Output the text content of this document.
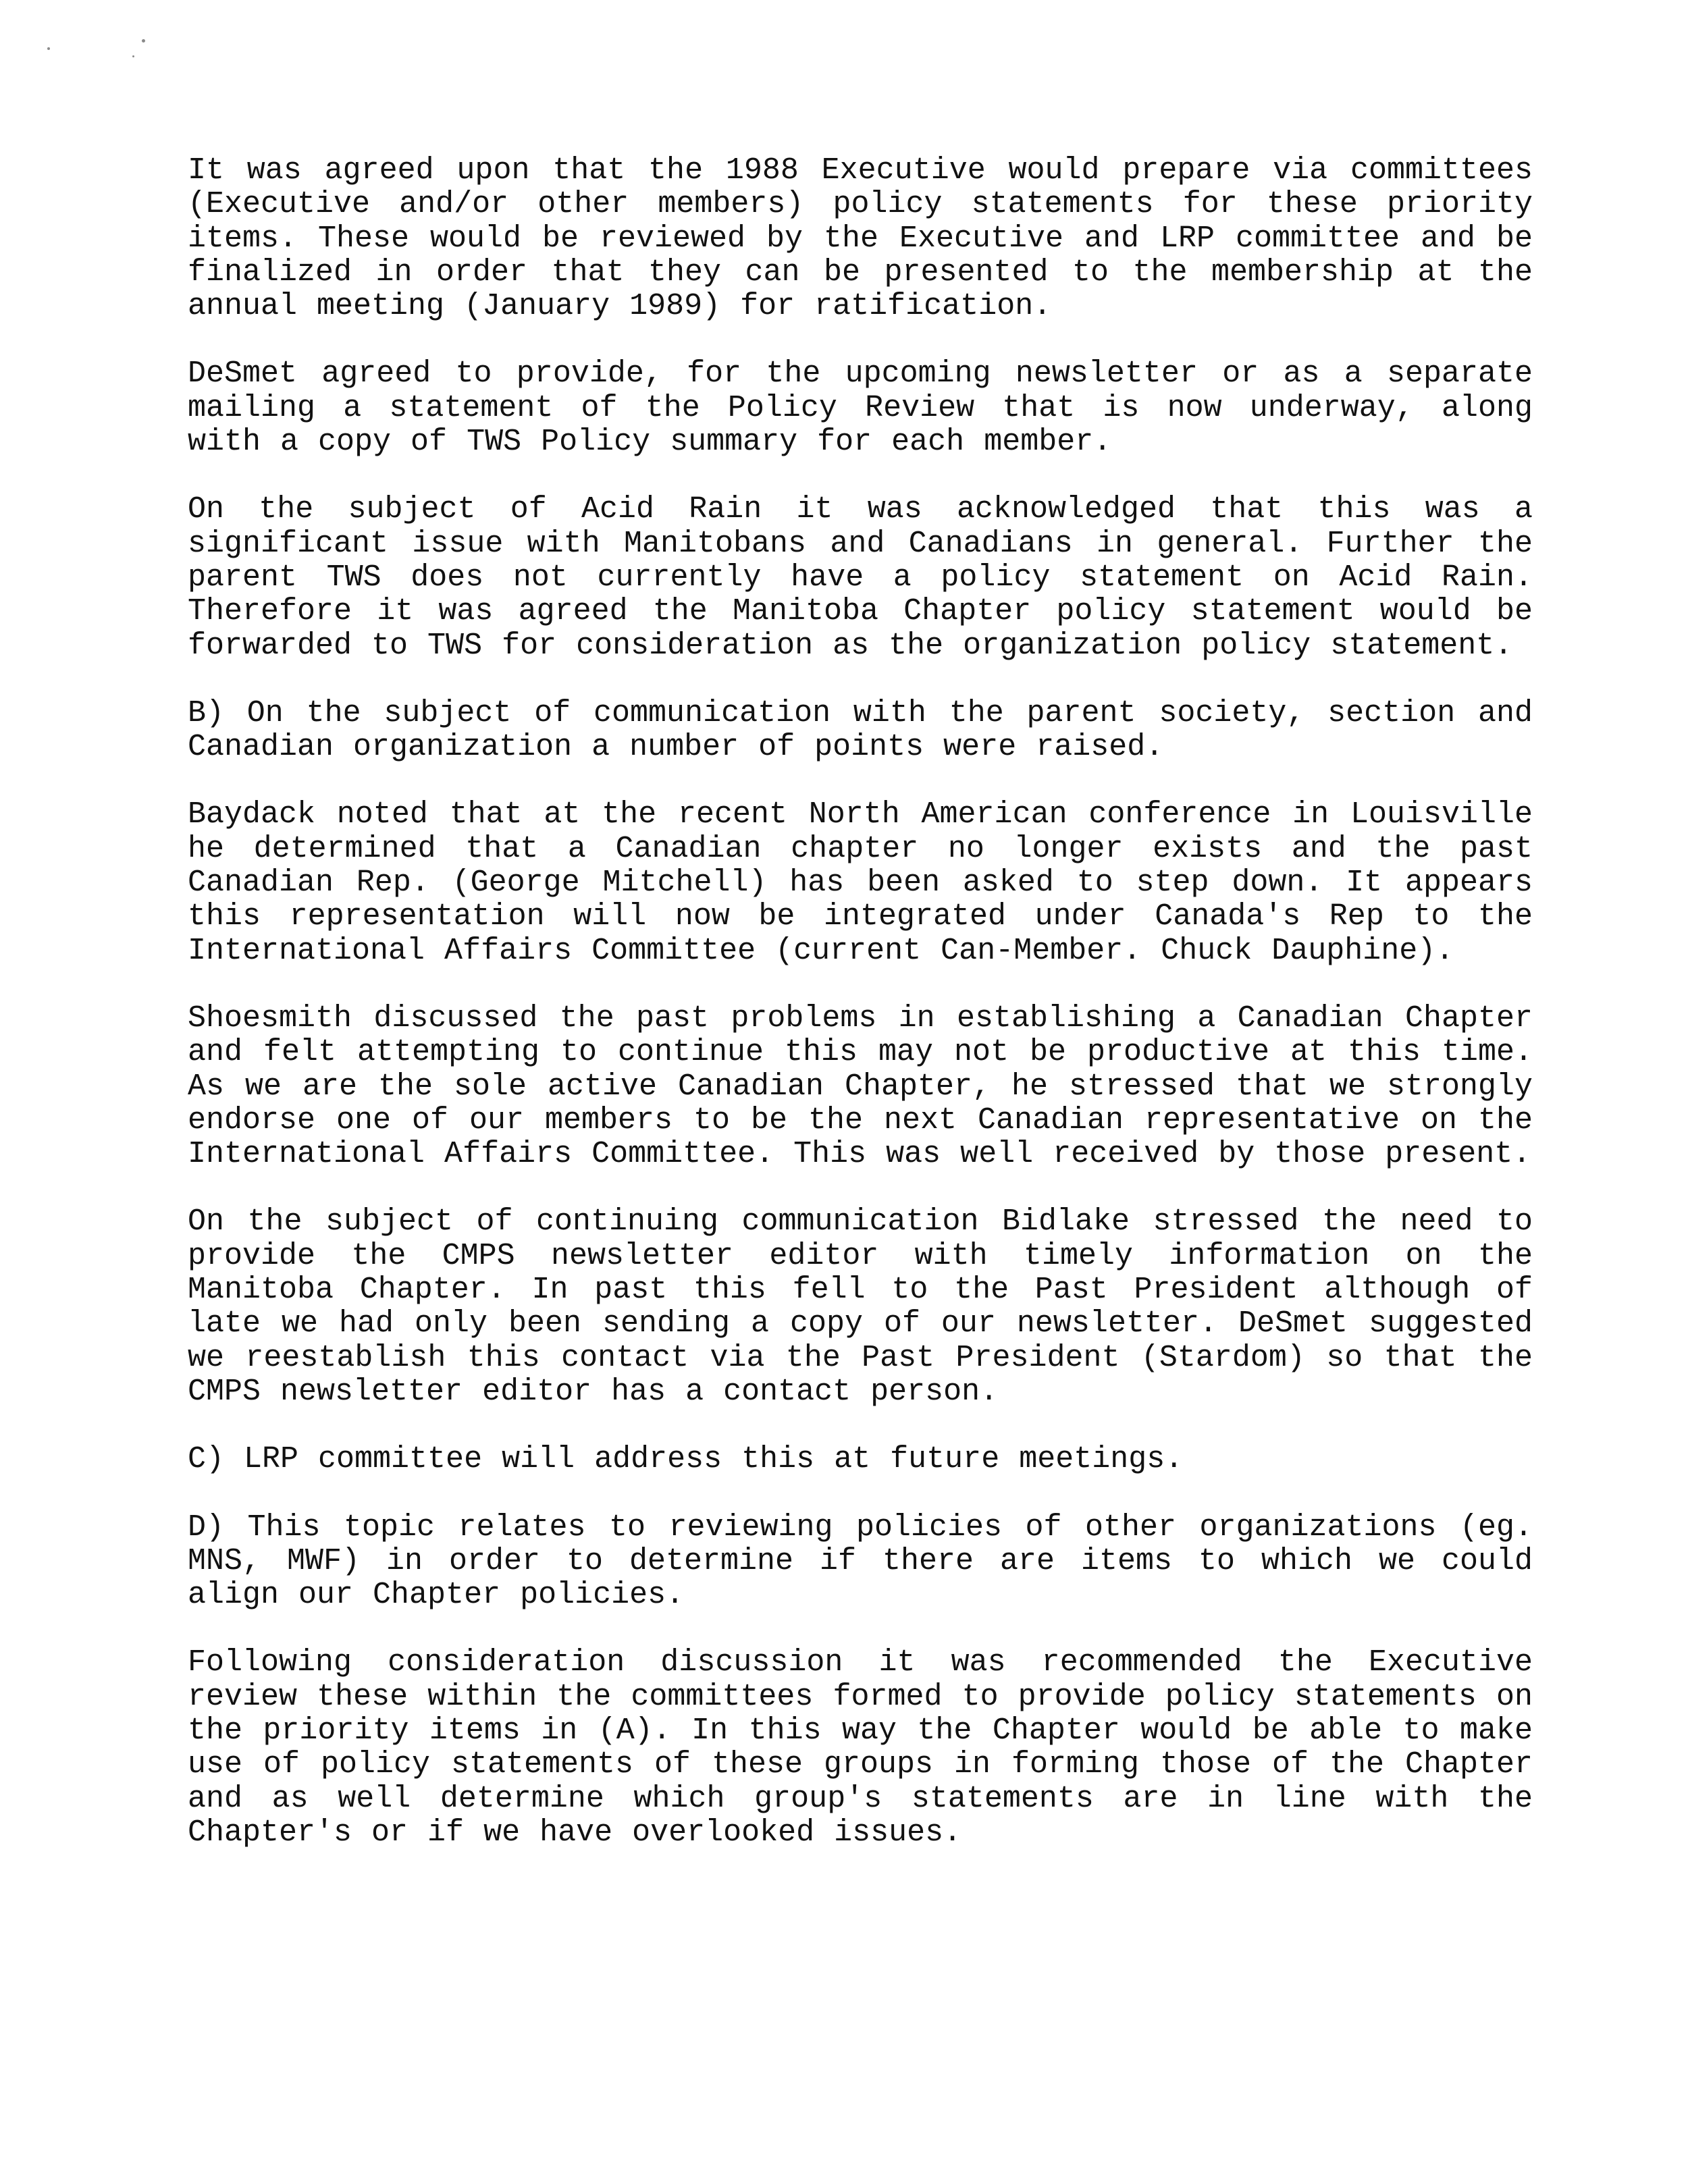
It was agreed upon that the 1988 Executive would prepare via committees (Executive and/or other members) policy statements for these priority items. These would be reviewed by the Executive and LRP committee and be finalized in order that they can be presented to the membership at the annual meeting (January 1989) for ratification.

DeSmet agreed to provide, for the upcoming newsletter or as a separate mailing a statement of the Policy Review that is now underway, along with a copy of TWS Policy summary for each member.

On the subject of Acid Rain it was acknowledged that this was a significant issue with Manitobans and Canadians in general. Further the parent TWS does not currently have a policy statement on Acid Rain. Therefore it was agreed the Manitoba Chapter policy statement would be forwarded to TWS for consideration as the organization policy statement.

B) On the subject of communication with the parent society, section and Canadian organization a number of points were raised.

Baydack noted that at the recent North American conference in Louisville he determined that a Canadian chapter no longer exists and the past Canadian Rep. (George Mitchell) has been asked to step down. It appears this representation will now be integrated under Canada's Rep to the International Affairs Committee (current Can-Member. Chuck Dauphine).

Shoesmith discussed the past problems in establishing a Canadian Chapter and felt attempting to continue this may not be productive at this time. As we are the sole active Canadian Chapter, he stressed that we strongly endorse one of our members to be the next Canadian representative on the International Affairs Committee. This was well received by those present.

On the subject of continuing communication Bidlake stressed the need to provide the CMPS newsletter editor with timely information on the Manitoba Chapter. In past this fell to the Past President although of late we had only been sending a copy of our newsletter. DeSmet suggested we reestablish this contact via the Past President (Stardom) so that the CMPS newsletter editor has a contact person.

C) LRP committee will address this at future meetings.

D) This topic relates to reviewing policies of other organizations (eg. MNS, MWF) in order to determine if there are items to which we could align our Chapter policies.

Following consideration discussion it was recommended the Executive review these within the committees formed to provide policy statements on the priority items in (A). In this way the Chapter would be able to make use of policy statements of these groups in forming those of the Chapter and as well determine which group's statements are in line with the Chapter's or if we have overlooked issues.
